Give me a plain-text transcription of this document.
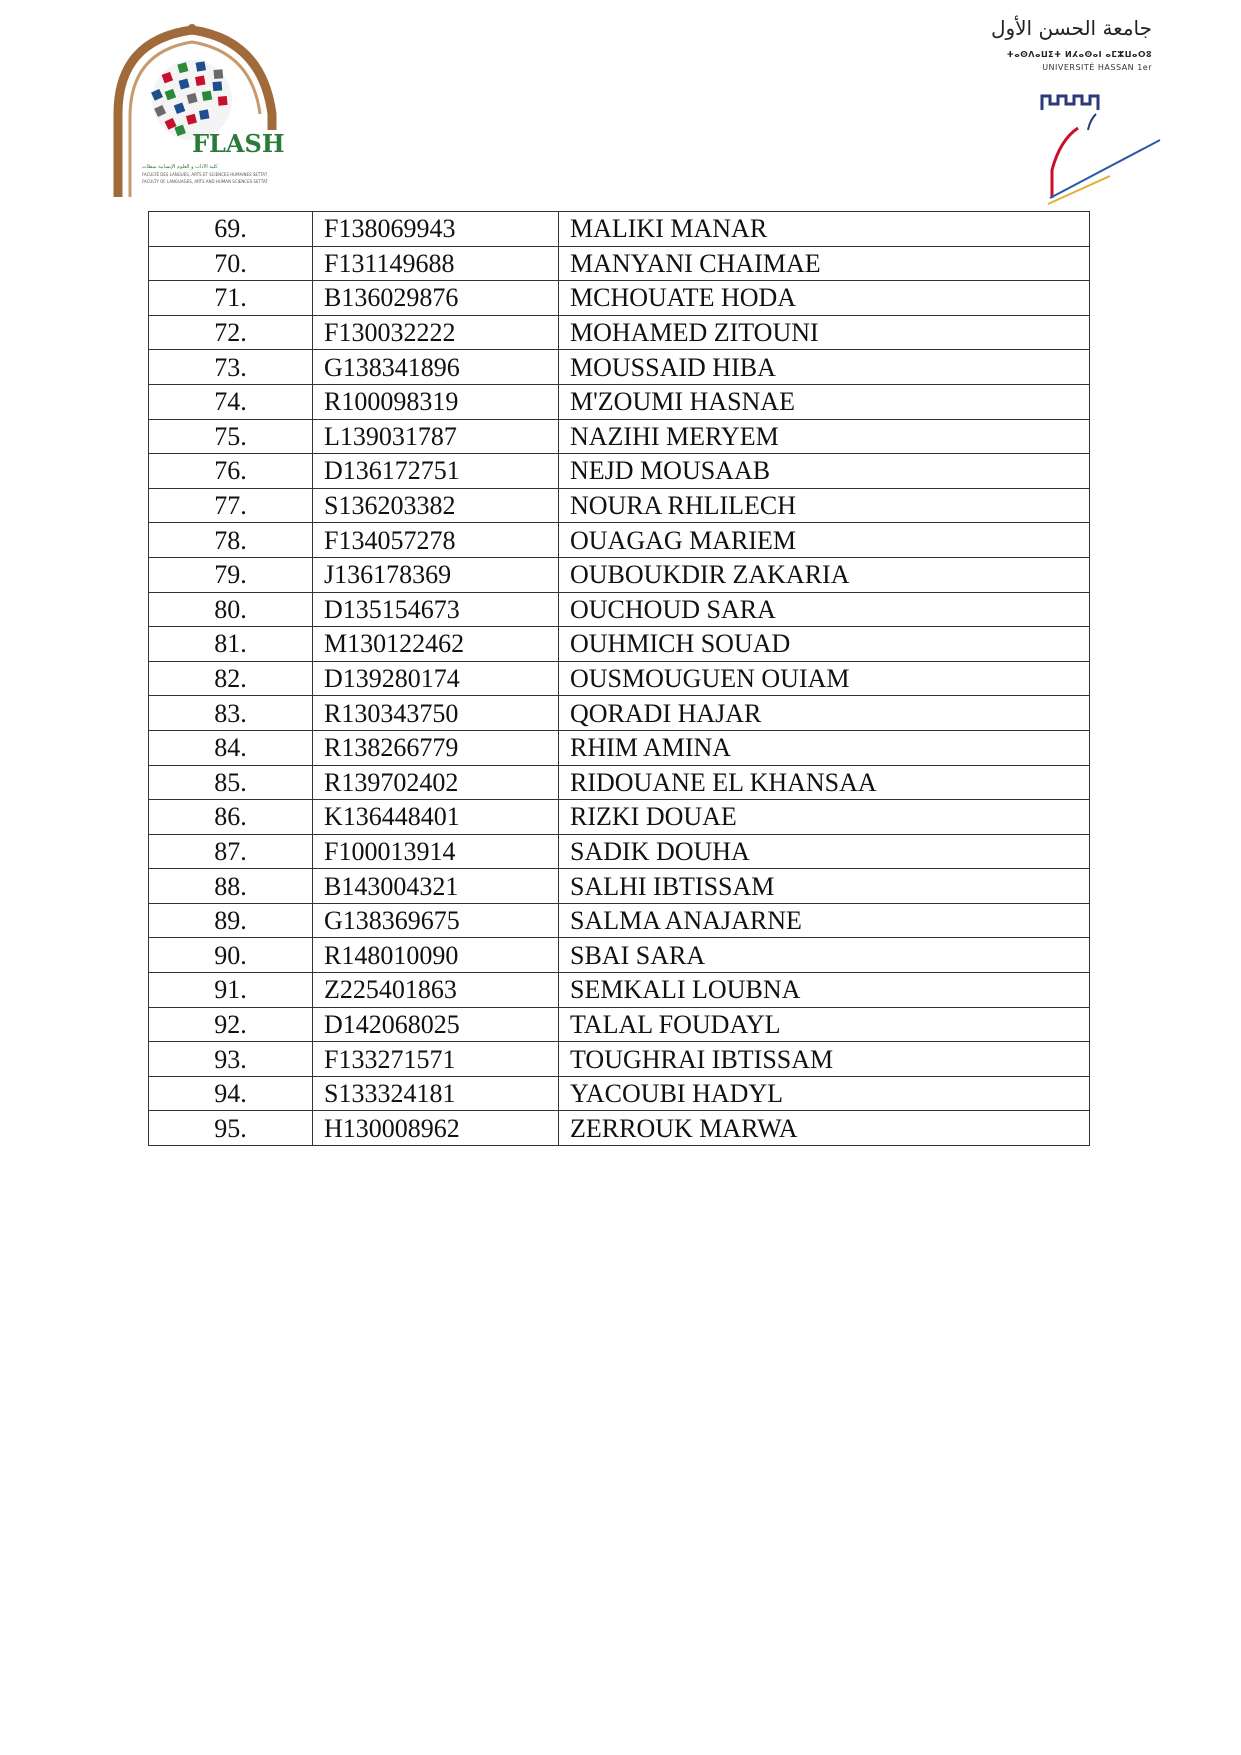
FLASH
كلية الآداب و العلوم الإنسانية سطات
FACULTÉ DES LANGUES, ARTS ET SCIENCES HUMAINES SETTAT
FACULTY OF LANGUAGES, ARTS AND HUMAN SCIENCES SETTAT
جامعة الحسن الأول
ⵜⴰⵙⴷⴰⵡⵉⵜ ⵍⵃⴰⵙⴰⵏ ⴰⵎⵣⵡⴰⵔⵓ
UNIVERSITÉ HASSAN 1er
69.	F138069943	MALIKI MANAR
70.	F131149688	MANYANI CHAIMAE
71.	B136029876	MCHOUATE HODA
72.	F130032222	MOHAMED ZITOUNI
73.	G138341896	MOUSSAID HIBA
74.	R100098319	M'ZOUMI HASNAE
75.	L139031787	NAZIHI MERYEM
76.	D136172751	NEJD MOUSAAB
77.	S136203382	NOURA RHLILECH
78.	F134057278	OUAGAG MARIEM
79.	J136178369	OUBOUKDIR ZAKARIA
80.	D135154673	OUCHOUD SARA
81.	M130122462	OUHMICH SOUAD
82.	D139280174	OUSMOUGUEN OUIAM
83.	R130343750	QORADI HAJAR
84.	R138266779	RHIM AMINA
85.	R139702402	RIDOUANE EL KHANSAA
86.	K136448401	RIZKI DOUAE
87.	F100013914	SADIK DOUHA
88.	B143004321	SALHI IBTISSAM
89.	G138369675	SALMA ANAJARNE
90.	R148010090	SBAI SARA
91.	Z225401863	SEMKALI LOUBNA
92.	D142068025	TALAL FOUDAYL
93.	F133271571	TOUGHRAI IBTISSAM
94.	S133324181	YACOUBI HADYL
95.	H130008962	ZERROUK MARWA
